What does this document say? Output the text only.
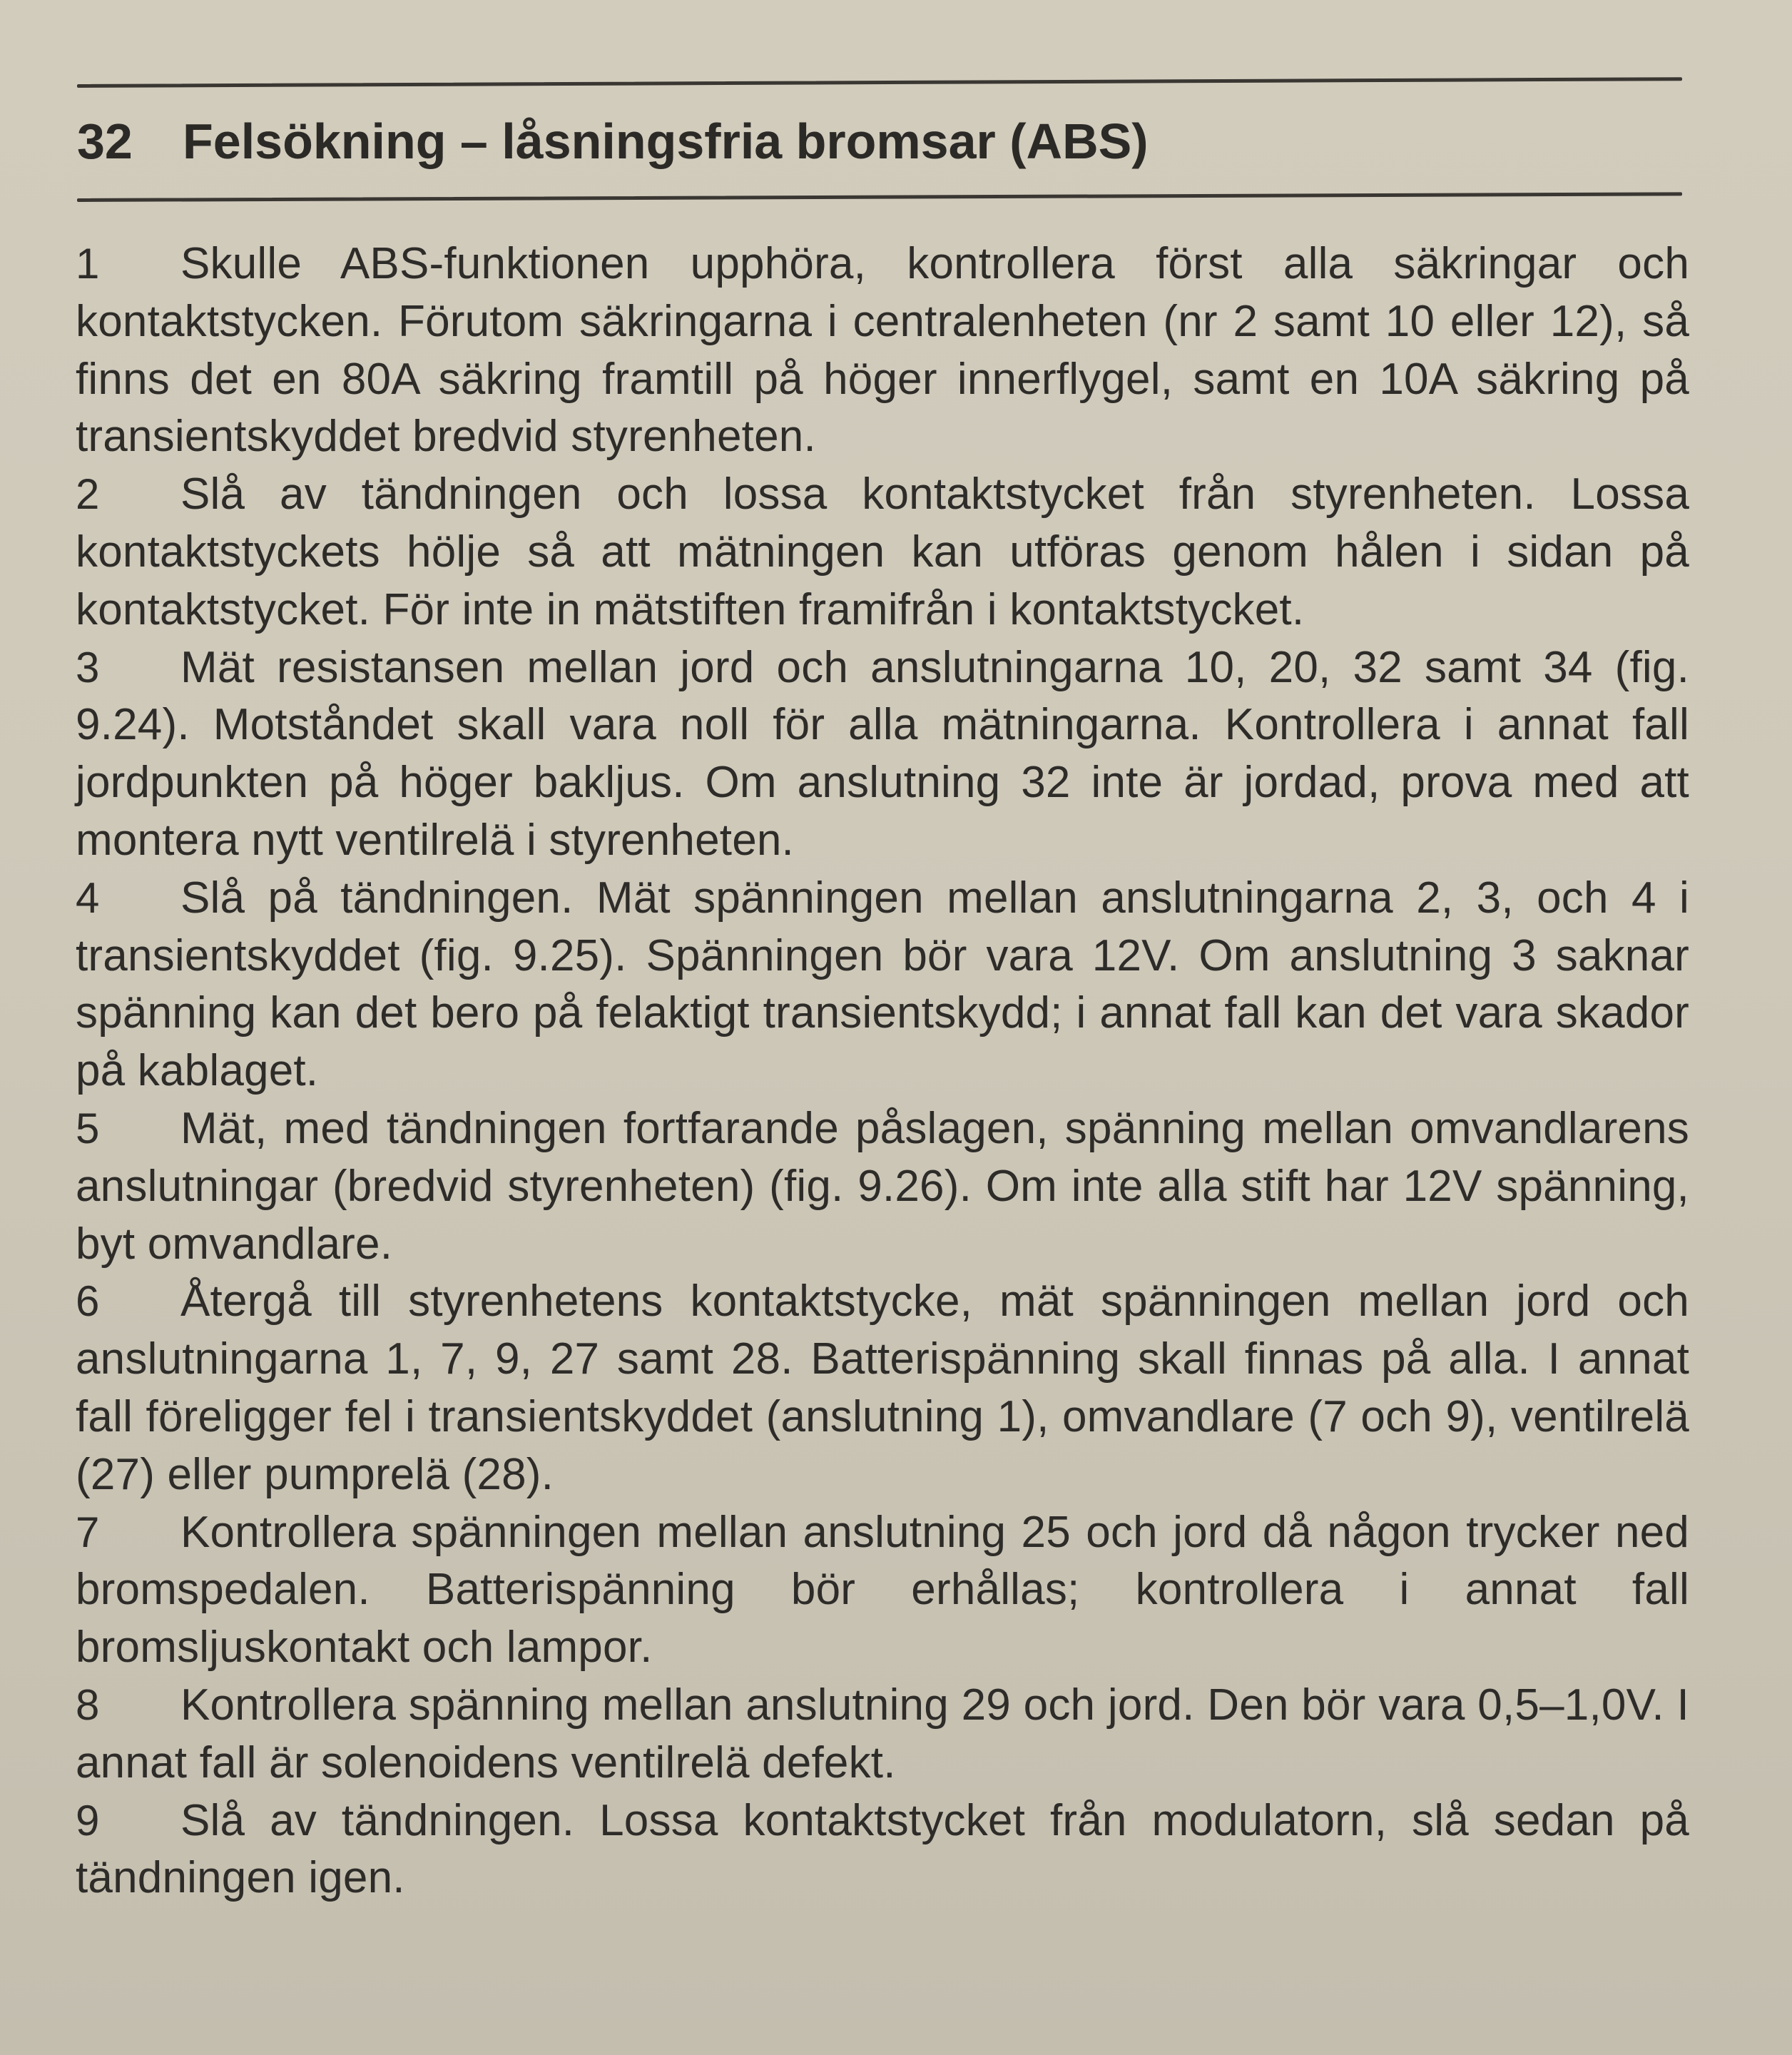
32 Felsökning – låsningsfria bromsar (ABS)

1 Skulle ABS-funktionen upphöra, kontrollera först alla säkringar och kontaktstycken. Förutom säkringarna i centralenheten (nr 2 samt 10 eller 12), så finns det en 80A säkring framtill på höger innerflygel, samt en 10A säkring på transientskyddet bredvid styrenheten.

2 Slå av tändningen och lossa kontaktstycket från styrenheten. Lossa kontaktstyckets hölje så att mätningen kan utföras genom hålen i sidan på kontaktstycket. För inte in mätstiften framifrån i kontaktstycket.

3 Mät resistansen mellan jord och anslutningarna 10, 20, 32 samt 34 (fig. 9.24). Motståndet skall vara noll för alla mätningarna. Kontrollera i annat fall jordpunkten på höger bakljus. Om anslutning 32 inte är jordad, prova med att montera nytt ventilrelä i styrenheten.

4 Slå på tändningen. Mät spänningen mellan anslutningarna 2, 3, och 4 i transientskyddet (fig. 9.25). Spänningen bör vara 12V. Om anslutning 3 saknar spänning kan det bero på felaktigt transientskydd; i annat fall kan det vara skador på kablaget.

5 Mät, med tändningen fortfarande påslagen, spänning mellan omvandlarens anslutningar (bredvid styrenheten) (fig. 9.26). Om inte alla stift har 12V spänning, byt omvandlare.

6 Återgå till styrenhetens kontaktstycke, mät spänningen mellan jord och anslutningarna 1, 7, 9, 27 samt 28. Batterispänning skall finnas på alla. I annat fall föreligger fel i transientskyddet (anslutning 1), omvandlare (7 och 9), ventilrelä (27) eller pumprelä (28).

7 Kontrollera spänningen mellan anslutning 25 och jord då någon trycker ned bromspedalen. Batterispänning bör erhållas; kontrollera i annat fall bromsljuskontakt och lampor.

8 Kontrollera spänning mellan anslutning 29 och jord. Den bör vara 0,5–1,0V. I annat fall är solenoidens ventilrelä defekt.

9 Slå av tändningen. Lossa kontaktstycket från modulatorn, slå sedan på tändningen igen.
